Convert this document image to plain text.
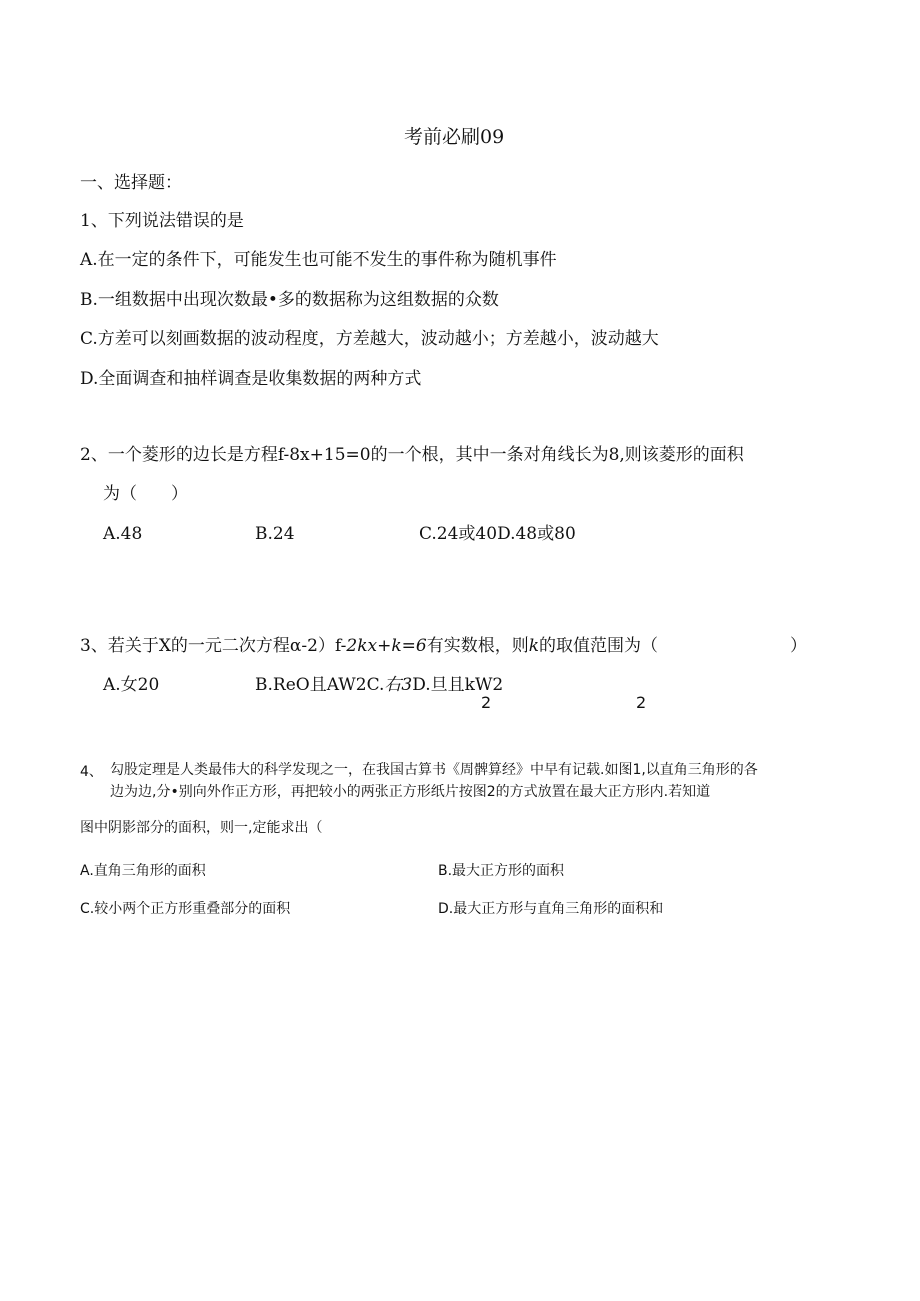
考前必刷09
一、选择题：
1、下列说法错误的是
A.在一定的条件下，可能发生也可能不发生的事件称为随机事件
B.一组数据中出现次数最•多的数据称为这组数据的众数
C.方差可以刻画数据的波动程度，方差越大，波动越小；方差越小，波动越大
D.全面调查和抽样调查是收集数据的两种方式
2、一个菱形的边长是方程f-8x+15=0的一个根，其中一条对角线长为8,则该菱形的面积
为（　　）
A.48	B.24	C.24或40D.48或80
3、若关于X的一元二次方程α-2）f-2kx+k=6有实数根，则k的取值范围为（	）
A.女20	B.ReO且AW2C.右3D.旦且kW2
2	2
4、 勾股定理是人类最伟大的科学发现之一，在我国古算书《周髀算经》中早有记载.如图1,以直角三角形的各
边为边,分•别向外作正方形，再把较小的两张正方形纸片按图2的方式放置在最大正方形内.若知道
图中阴影部分的面积，则一,定能求出（
A.直角三角形的面积	B.最大正方形的面积
C.较小两个正方形重叠部分的面积	D.最大正方形与直角三角形的面积和
